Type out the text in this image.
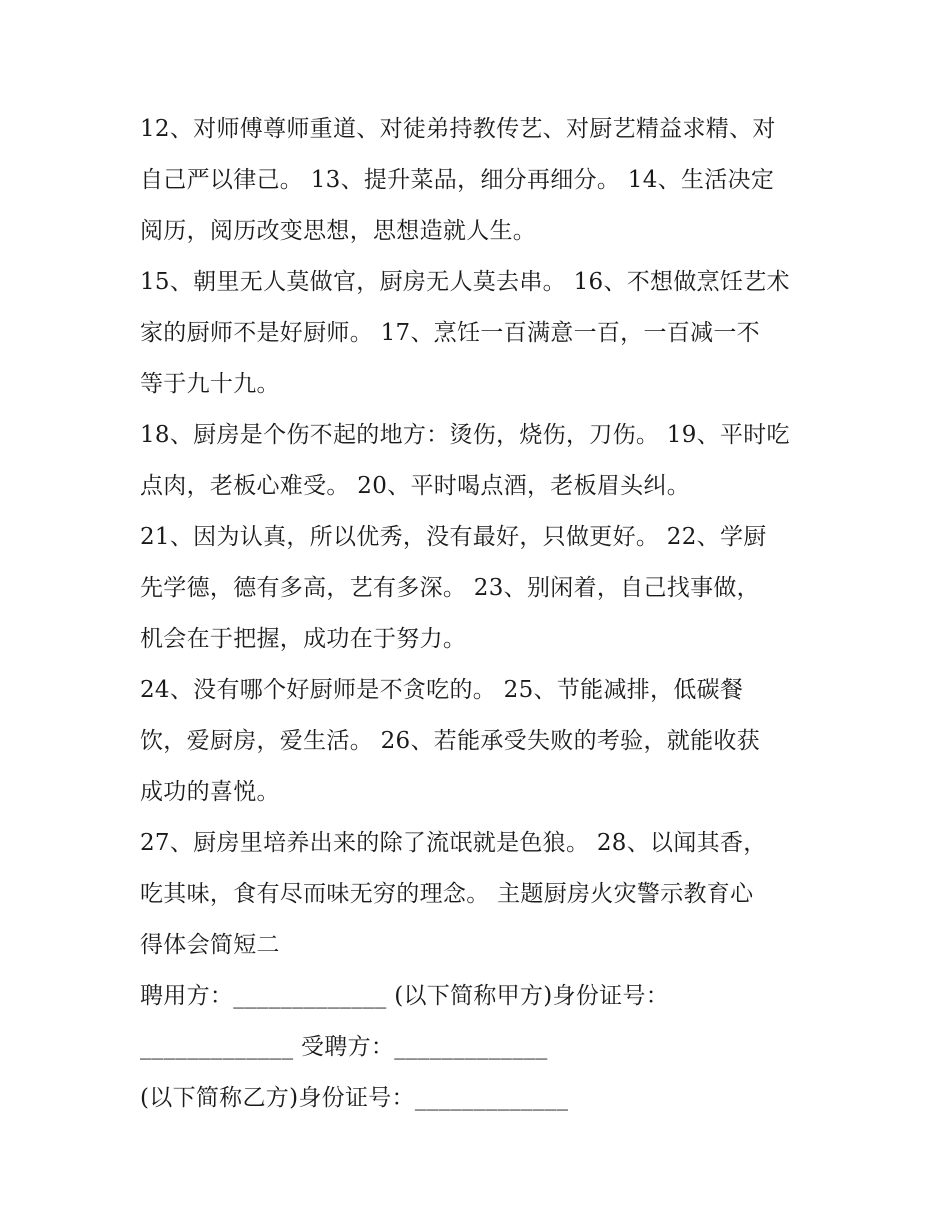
12、对师傅尊师重道、对徒弟持教传艺、对厨艺精益求精、对
自己严以律己。 13、提升菜品，细分再细分。 14、生活决定
阅历，阅历改变思想，思想造就人生。
15、朝里无人莫做官，厨房无人莫去串。 16、不想做烹饪艺术
家的厨师不是好厨师。 17、烹饪一百满意一百，一百减一不
等于九十九。
18、厨房是个伤不起的地方：烫伤，烧伤，刀伤。 19、平时吃
点肉，老板心难受。 20、平时喝点酒，老板眉头纠。
21、因为认真，所以优秀，没有最好，只做更好。 22、学厨
先学德，德有多高，艺有多深。 23、别闲着，自己找事做，
机会在于把握，成功在于努力。
24、没有哪个好厨师是不贪吃的。 25、节能减排，低碳餐
饮，爱厨房，爱生活。 26、若能承受失败的考验，就能收获
成功的喜悦。
27、厨房里培养出来的除了流氓就是色狼。 28、以闻其香，
吃其味，食有尽而味无穷的理念。 主题厨房火灾警示教育心
得体会简短二
聘用方：_____________ (以下简称甲方)身份证号：
_____________ 受聘方：_____________
(以下简称乙方)身份证号：_____________
